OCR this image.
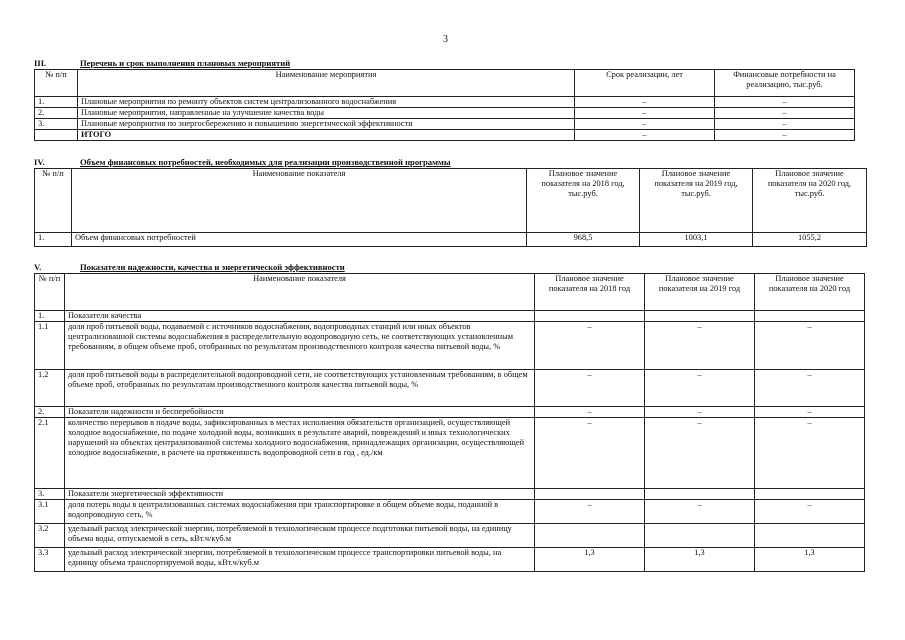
3
III.	Перечень и срок выполнения плановых мероприятий
№ п/п	Наименование мероприятия	Срок реализации, лет	Финансовые потребности на реализацию, тыс.руб.
1.	Плановые мероприятия по ремонту объектов систем централизованного водоснабжения	–	–
2.	Плановые мероприятия, направленные на улучшение качества воды	–	–
3.	Плановые мероприятия по энергосбережению и повышению энергетической эффективности	–	–
	ИТОГО	–	–
IV.	Объем финансовых потребностей, необходимых для реализации производственной программы
№ п/п	Наименование показателя	Плановое значение показателя на 2018 год, тыс.руб.	Плановое значение показателя на 2019 год, тыс.руб.	Плановое значение показателя на 2020 год, тыс.руб.
1.	Объем финансовых потребностей	968,5	1003,1	1055,2
V.	Показатели надежности, качества и энергетической эффективности
№ п/п	Наименование показателя	Плановое значение показателя на 2018 год	Плановое значение показателя на 2019 год	Плановое значение показателя на 2020 год
1.	Показатели качества			
1.1	доля проб питьевой воды, подаваемой с источников водоснабжения, водопроводных станций или иных объектов централизованной системы водоснабжения в распределительную водопроводную сеть, не соответствующих установленным требованиям, в общем объеме проб, отобранных по результатам производственного контроля качества питьевой воды, %	–	–	–
1.2	доля проб питьевой воды в распределительной водопроводной сети, не соответствующих установленным требованиям, в общем объеме проб, отобранных по результатам производственного контроля качества питьевой воды, %	–	–	–
2.	Показатели надежности и бесперебойности	–	–	–
2.1	количество перерывов в подаче воды, зафиксированных в местах исполнения обязательств организацией, осуществляющей холодное водоснабжение, по подаче холодной воды, возникших в результате аварий, повреждений и иных технологических нарушений на объектах централизованной системы холодного водоснабжения, принадлежащих организации, осуществляющей холодное водоснабжение, в расчете на протяженность водопроводной сети в год , ед./км	–	–	–
3.	Показатели энергетической эффективности			
3.1	доля потерь воды в централизованных системах водоснабжения при транспортировке в общем объеме воды, поданной в водопроводную сеть, %	–	–	–
3.2	удельный расход электрической энергии, потребляемой в технологическом процессе подготовки питьевой воды, на единицу объема воды, отпускаемой в сеть, кВт.ч/куб.м			
3.3	удельный расход электрической энергии, потребляемой в технологическом процессе транспортировки питьевой воды, на единицу объема транспортируемой воды, кВт.ч/куб.м	1,3	1,3	1,3
